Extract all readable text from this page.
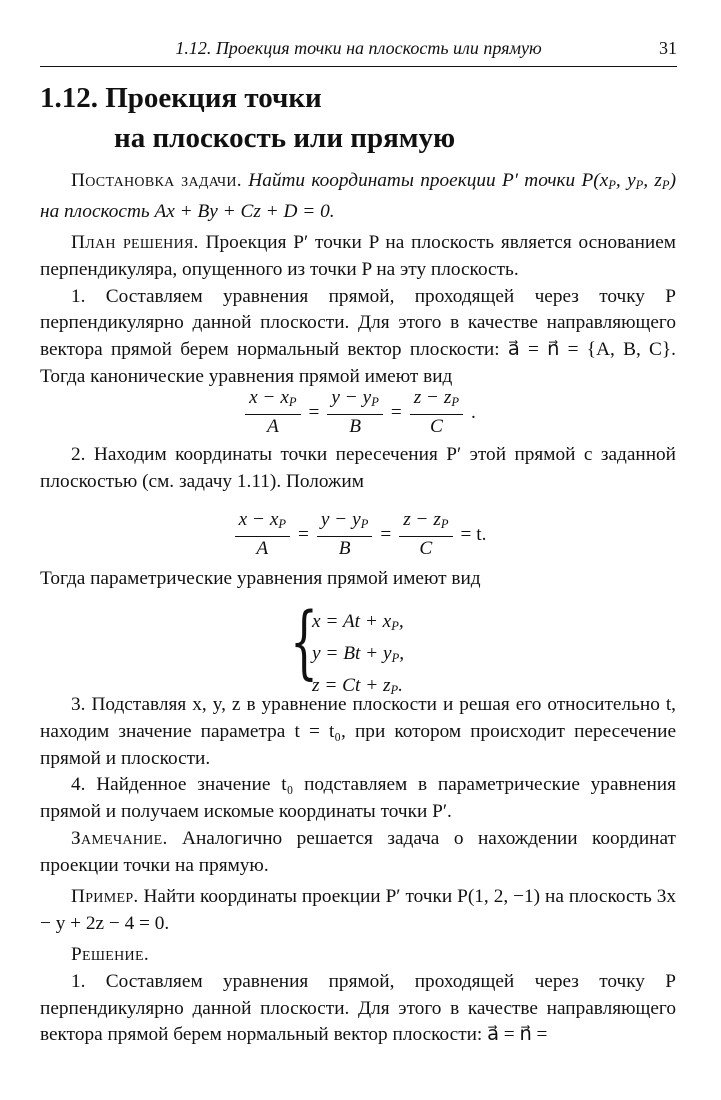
1.12. Проекция точки на плоскость или прямую	31
1.12. Проекция точки
на плоскость или прямую

Постановка задачи. Найти координаты проекции P′ точки $P(x_P$, $y_P$, $z_P$) на плоскость Ax + By + Cz + D = 0.

План решения. Проекция P′ точки P на плоскость является основанием перпендикуляра, опущенного из точки P на эту плоскость.

1. Составляем уравнения прямой, проходящей через точку P перпендикулярно данной плоскости. Для этого в качестве направляющего вектора прямой берем нормальный вектор плоскости: a⃗ = n⃗ = {A, B, C}. Тогда канонические уравнения прямой имеют вид

$\frac{x - x_P}{A} = \frac{y - y_P}{B} = \frac{z - z_P}{C}$ .

2. Находим координаты точки пересечения P′ этой прямой с заданной плоскостью (см. задачу 1.11). Положим

$\frac{x - x_P}{A} = \frac{y - y_P}{B} = \frac{z - z_P}{C} = t$.

Тогда параметрические уравнения прямой имеют вид

{
$x = At + x_P$,
$y = Bt + y_P$,
$z = Ct + z_P$.

3. Подставляя x, y, z в уравнение плоскости и решая его относительно t, находим значение параметра t = t₀, при котором происходит пересечение прямой и плоскости.

4. Найденное значение t₀ подставляем в параметрические уравнения прямой и получаем искомые координаты точки P′.

Замечание. Аналогично решается задача о нахождении координат проекции точки на прямую.

Пример. Найти координаты проекции P′ точки P(1, 2, −1) на плоскость 3x − y + 2z − 4 = 0.

Решение.

1. Составляем уравнения прямой, проходящей через точку P перпендикулярно данной плоскости. Для этого в качестве направляющего вектора прямой берем нормальный вектор плоскости: a⃗ = n⃗ =
